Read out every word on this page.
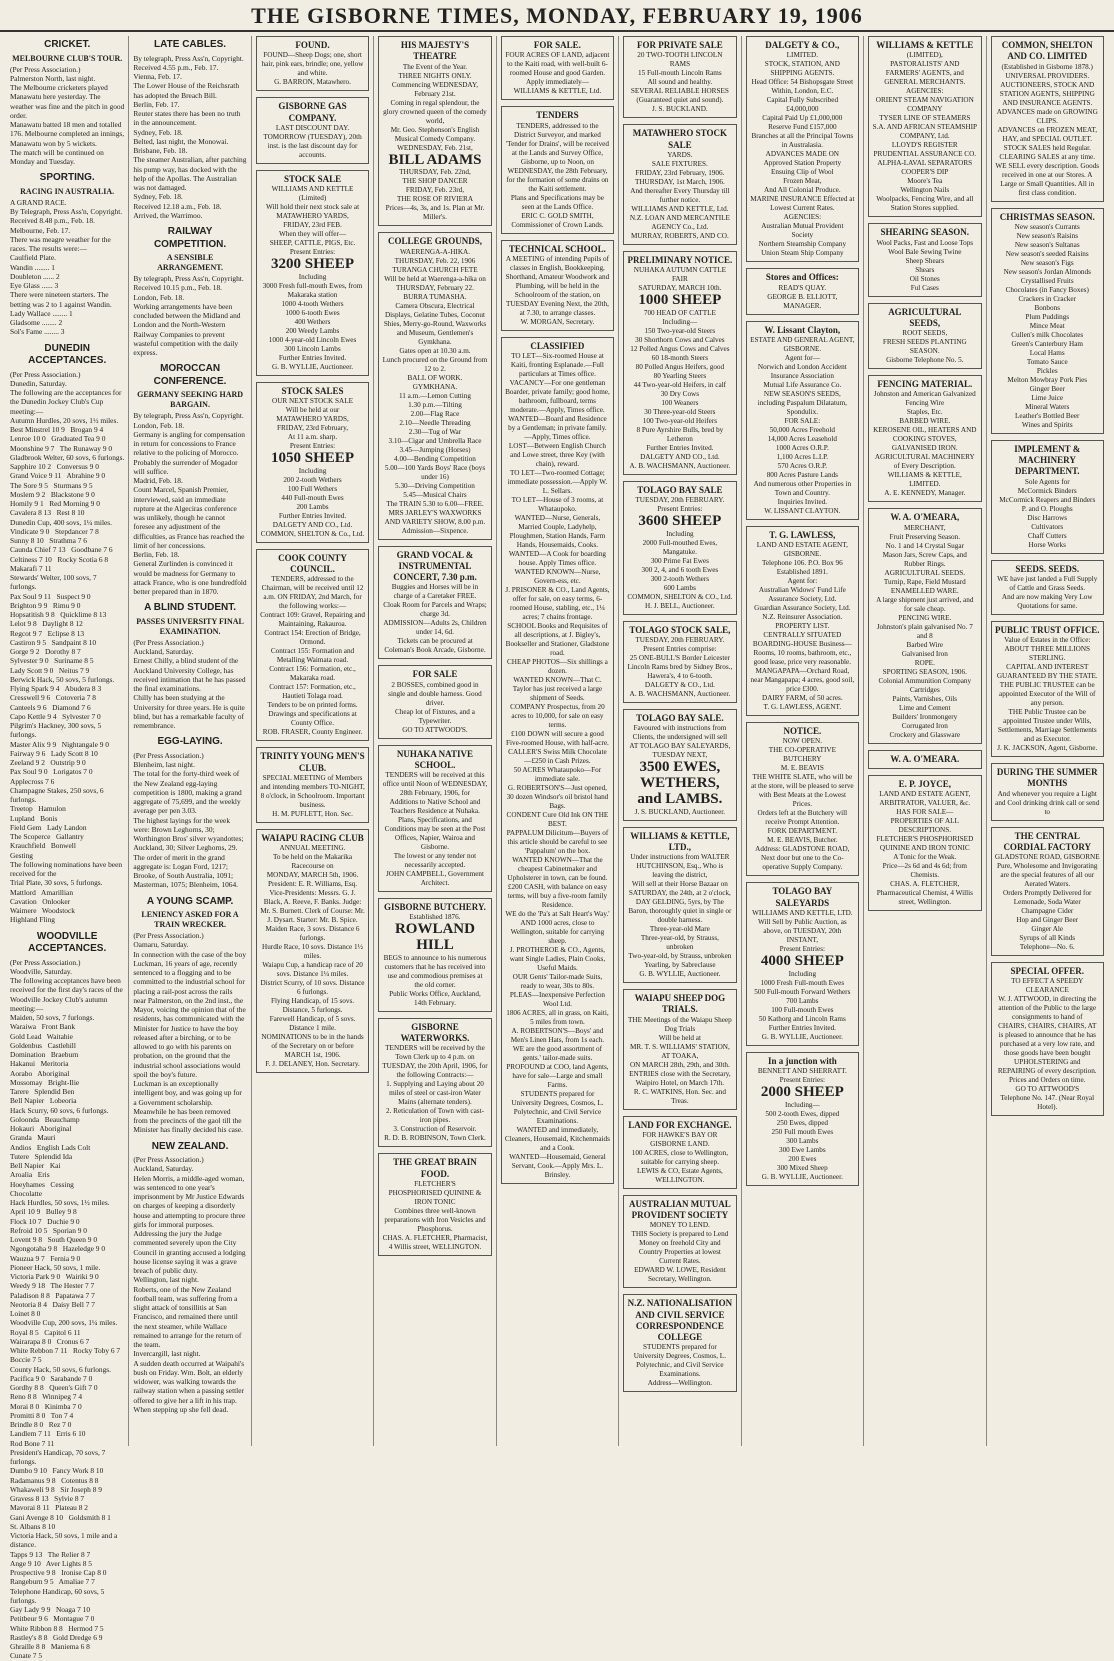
THE GISBORNE TIMES, MONDAY, FEBRUARY 19, 1906
CRICKET.
MELBOURNE CLUB'S TOUR.
(Per Press Association.)
Palmerston North, last night.
The Melbourne cricketers played Manawatu here yesterday. The weather was fine and the pitch in good order.
Manawatu batted 18 men and totalled 176. Melbourne completed an innings, Manawatu won by 5 wickets.
The match will be continued on Monday and Tuesday.
SPORTING.
RACING IN AUSTRALIA.
A GRAND RACE.
By Telegraph, Press Ass'n, Copyright.
Received 8.48 p.m., Feb. 18.
Melbourne, Feb. 17.
There was meagre weather for the races. The results were:—
Caulfield Plate.
Wandin ........ 1
Doubleton ...... 2
Eye Glass ...... 3
There were nineteen starters. The betting was 2 to 1 against Wandin.
Lady Wallace ........ 1
Gladsome ........ 2
Sol's Fame ........ 3
DUNEDIN ACCEPTANCES.
(Per Press Association.)
Dunedin, Saturday.
The following are the acceptances for the Dunedin Jockey Club's Cup meeting:—
Autumn Hurdles, 20 sovs, 1½ miles.
Best Minstrel 10 9   Brogan 9 4
Lenroe 10 0   Graduated Tea 9 0
Moonshine 9 7   The Runaway 9 0
Gladbrook Welter, 60 sovs, 6 furlongs.
Sapphire 10 2   Conversus 9 0
Grand Voice 9 11   Abrahine 9 0
The Sore 9 5   Sturmans 9 5
Moslem 9 2   Blackstone 9 0
Homily 9 1   Red Morning 9 0
Cavalera 8 13   Rest 8 10
Dunedin Cup, 400 sovs, 1¼ miles.
Vindicate 9 0   Stepdancer 7 8
Sunny 8 10   Strathma 7 6
Caunda Chief 7 13   Goodbane 7 6
Celtiness 7 10   Rocky Scotia 6 8
Makarafi 7 11
Stewards' Welter, 100 sovs, 7 furlongs.
Pax Soul 9 11   Suspect 9 0
Brighton 9 9   Rimu 9 0
Hopsatitish 9 8   Quicklime 8 13
Lelot 9 8   Daylight 8 12
Regcot 9 7   Eclipse 8 13
Castiron 9 5   Sandpaint 8 10
Gorge 9 2   Dorothy 8 7
Sylvester 9 0   Suriname 8 5
Lady Scott 9 0   Neitus 7 9
Berwick Hack, 50 sovs, 5 furlongs.
Flying Spark 9 4   Abudera 8 3
Cresswell 9 6   Cotoveria 7 8
Canteels 9 6   Diamond 7 6
Capo Kettle 9 4   Sylvester 7 0
Pilgrim's Hackney, 300 sovs, 5 furlongs.
Master Alix 9 9   Nightangale 9 0
Fairway 9 6   Lady Scott 8 10
Zeeland 9 2   Outstrip 9 0
Pax Soul 9 0   Lorigatos 7 0
Applecross 7 6
Champagne Stakes, 250 sovs, 6 furlongs.
Treetop   Hamulon
Lupland   Bonis
Field Gem   Lady Landon
The Scoperce   Gallantry
Krauchfield   Bonwell
Gesting
The following nominations have been received for the
Trial Plate, 30 sovs, 5 furlongs.
Mattlord   Amarillian
Cavation   Onlooker
Waimere   Woodstock
Highland Fling
WOODVILLE ACCEPTANCES.
(Per Press Association.)
Woodville, Saturday.
The following acceptances have been received for the first day's races of the Woodville Jockey Club's autumn meeting:—
Maiden, 50 sovs, 7 furlongs.
Waraiwa   Front Bank
Gold Lead   Waitahie
Goldenbus   Castlehill
Domination   Braeburn
Hakanui   Meritoria
Aorabo   Aboriginal
Mossomay   Bright-Ilie
Tarere   Splendid Ben
Bell Napier   Lobeoria
Hack Scurry, 60 sovs, 6 furlongs.
Goloonda   Beauchamp
Hokauri   Aboriginal
Granda   Mauri
Andios   English Lads Colt
Tutere   Splendid Ida
Bell Napier   Kai
Aroalia   Eris
Hoeyhames   Cessing
Chocolatte
Hack Hurdles, 50 sovs, 1½ miles.
April 10 9   Bulley 9 8
Flock 10 7   Duchie 9 0
Refroid 10 5   Sporian 9 0
Lovent 9 8   South Queen 9 0
Ngongotaha 9 8   Hazeledge 9 0
Wauzua 9 7   Fernia 9 0
Pioneer Hack, 50 sovs, 1 mile.
Victoria Park 9 0   Wairiki 9 0
Weedy 9 18   The Hester 7 7
Paladison 8 8   Papatawa 7 7
Neotoria 8 4   Daisy Bell 7 7
Loinet 8 0
Woodville Cup, 200 sovs, 1¼ miles.
Royal 8 5   Capitol 6 11
Wairarapa 8 0   Cronus 6 7
White Rebbon 7 11   Rocky Toby 6 7
Boccie 7 5
County Hack, 50 sovs, 6 furlongs.
Pacifica 9 0   Sarabande 7 0
Gordhy 8 8   Queen's Gift 7 0
Reno 8 8   Winnipeg 7 4
Morai 8 0   Kinimba 7 0
Promitti 8 0   Ton 7 4
Brindle 8 0   Rez 7 0
Landlem 7 11   Erris 6 10
Rod Bone 7 11
President's Handicap, 70 sovs, 7 furlongs.
Dumbo 9 10   Fancy Work 8 10
Radamanus 9 8   Cotentus 8 8
Whakaweli 9 8   Sir Joseph 8 9
Gravess 8 13   Sylvie 8 7
Mavorai 8 11   Plateau 8 2
Gani Avenge 8 10   Goldsmith 8 1
St. Albans 8 10
Victoria Hack, 50 sovs, 1 mile and a distance.
Tapps 9 13   The Relier 8 7
Ange 9 10   Aver Lights 8 5
Prospective 9 8   Ironise Cap 8 0
Rangeburn 9 5   Amaliae 7 7
Telephone Handicap, 60 sovs, 5 furlongs.
Gay Lady 9 9   Noaga 7 10
Petitbeur 9 6   Montague 7 0
White Ribbon 8 8   Hermod 7 5
Rastley's 8 8   Gold Dredge 6 9
Ghraille 8 8   Maniema 6 8
Cunate 7 5
LATE CABLES.
By telegraph, Press Ass'n, Copyright.
Received 4.55 p.m., Feb. 17.
Vienna, Feb. 17.
The Lower House of the Reichsrath has adopted the Breach Bill.
Berlin, Feb. 17.
Reuter states there has been no truth in the announcement.
Sydney, Feb. 18.
Belted, last night, the Monowai.
Brisbane, Feb. 18.
The steamer Australian, after patching his pump way, has docked with the help of the Apollas. The Australian was not damaged.
Sydney, Feb. 18.
Received 12.18 a.m., Feb. 18.
Arrived, the Warrimoo.
RAILWAY COMPETITION.
A SENSIBLE ARRANGEMENT.
By telegraph, Press Ass'n, Copyright.
Received 10.15 p.m., Feb. 18.
London, Feb. 18.
Working arrangements have been concluded between the Midland and London and the North-Western Railway Companies to prevent wasteful competition with the daily express.
MOROCCAN CONFERENCE.
GERMANY SEEKING HARD BARGAIN.
By telegraph, Press Ass'n, Copyright.
London, Feb. 18.
Germany is angling for compensation in return for concessions to France relative to the policing of Morocco. Probably the surrender of Mogador will suffice.
Madrid, Feb. 18.
Count Marcel, Spanish Premier, interviewed, said an immediate rupture at the Algeciras conference was unlikely, though he cannot foresee any adjustment of the difficulties, as France has reached the limit of her concessions.
Berlin, Feb. 18.
General Zurlinden is convinced it would be madness for Germany to attack France, who is one hundredfold better prepared than in 1870.
A BLIND STUDENT.
PASSES UNIVERSITY FINAL EXAMINATION.
(Per Press Association.)
Auckland, Saturday.
Ernest Chilly, a blind student of the Auckland University College, has received intimation that he has passed the final examinations.
Chilly has been studying at the University for three years. He is quite blind, but has a remarkable faculty of remembrance.
EGG-LAYING.
(Per Press Association.)
Blenheim, last night.
The total for the forty-third week of the New Zealand egg-laying competition is 1800, making a grand aggregate of 75,699, and the weekly average per pen 3.03.
The highest layings for the week were: Brown Leghorns, 30; Worthington Bros' silver wyandottes; Auckland, 30; Silver Leghorns, 29.
The order of merit in the grand aggregate is: Logan Ford, 1217; Brooke, of South Australia, 1091; Masterman, 1075; Blenheim, 1064.
A YOUNG SCAMP.
LENIENCY ASKED FOR A TRAIN WRECKER.
(Per Press Association.)
Oamaru, Saturday.
In connection with the case of the boy Luckman, 16 years of age, recently sentenced to a flogging and to be committed to the industrial school for placing a rail-post across the rails near Palmerston, on the 2nd inst., the Mayor, voicing the opinion that of the residents, has communicated with the Minister for Justice to have the boy released after a birching, or to be allowed to go with his parents on probation, on the ground that the industrial school associations would spoil the boy's future.
Luckman is an exceptionally intelligent boy, and was going up for a Government scholarship.
Meanwhile he has been removed from the precincts of the gaol till the Minister has finally decided his case.
NEW ZEALAND.
(Per Press Association.)
Auckland, Saturday.
Helen Morris, a middle-aged woman, was sentenced to one year's imprisonment by Mr Justice Edwards on charges of keeping a disorderly house and attempting to procure three girls for immoral purposes.
Addressing the jury the Judge commented severely upon the City Council in granting accused a lodging house license saying it was a grave breach of public duty.
Wellington, last night.
Roberts, one of the New Zealand football team, was suffering from a slight attack of tonsillitis at San Francisco, and remained there until the next steamer, while Wallace remained to arrange for the return of the team.
Invercargill, last night.
A sudden death occurred at Waipahi's bush on Friday. Wm. Bolt, an elderly widower, was walking towards the railway station when a passing settler offered to give her a lift in his trap.
When stepping up she fell dead.
FOUND.
FOUND—Sheep Dogs; one, short hair, pink ears, brindle; one, yellow and white.
G. BARRON, Matawhero.
GISBORNE GAS COMPANY.
LAST DISCOUNT DAY.
TOMORROW (TUESDAY), 20th inst. is the last discount day for accounts.
STOCK SALE
WILLIAMS AND KETTLE (Limited)
Will hold their next stock sale at
MATAWHERO YARDS,
FRIDAY, 23rd FEB.
When they will offer—
SHEEP, CATTLE, PIGS, Etc.
Present Entries:
3200 SHEEP
Including
3000 Fresh full-mouth Ewes, from Makaraka station
1000 4-tooth Wethers
1000 6-tooth Ewes
400 Wethers
200 Weedy Lambs
1000 4-year-old Lincoln Ewes
300 Lincoln Lambs
Further Entries Invited.
G. B. WYLLIE, Auctioneer.
STOCK SALES
OUR NEXT STOCK SALE
Will be held at our
MATAWHERO YARDS,
FRIDAY, 23rd February,
At 11 a.m. sharp.
Present Entries:
1050 SHEEP
Including
200 2-tooth Wethers
100 Full Wethers
440 Full-mouth Ewes
200 Lambs
Further Entries Invited.
DALGETY AND CO., Ltd.
COMMON, SHELTON & Co., Ltd.
COOK COUNTY COUNCIL.
TENDERS, addressed to the Chairman, will be received until 12 a.m. ON FRIDAY, 2nd March, for the following works:—
Contract 109: Gravel, Repairing and Maintaining, Rakauroa.
Contract 154: Erection of Bridge, Ormond.
Contract 155: Formation and Metalling Waimata road.
Contract 156: Formation, etc., Makaraka road.
Contract 157: Formation, etc., Hautieti Tolaga road.
Tenders to be on printed forms.
Drawings and specifications at County Office.
ROB. FRASER, County Engineer.
TRINITY YOUNG MEN'S CLUB.
SPECIAL MEETING of Members and intending members TO-NIGHT, 8 o'clock, in Schoolroom. Important business.
H. M. PUFLETT, Hon. Sec.
WAIAPU RACING CLUB
ANNUAL MEETING.
To be held on the Makarika Racecourse on
MONDAY, MARCH 5th, 1906.
President: E. R. Williams, Esq. Vice-Presidents: Messrs. G. J. Black, A. Reeve, F. Banks. Judge: Mr. S. Burnett. Clerk of Course: Mr. J. Dysart. Starter: Mr. B. Spice.
Maiden Race, 3 sovs. Distance 6 furlongs.
Hurdle Race, 10 sovs. Distance 1½ miles.
Waiapu Cup, a handicap race of 20 sovs. Distance 1¼ miles.
District Scurry, of 10 sovs. Distance 6 furlongs.
Flying Handicap, of 15 sovs. Distance, 5 furlongs.
Farewell Handicap, of 5 sovs. Distance 1 mile.
NOMINATIONS to be in the hands of the Secretary on or before MARCH 1st, 1906.
F. J. DELANEY, Hon. Secretary.
HIS MAJESTY'S THEATRE
The Event of the Year.
THREE NIGHTS ONLY.
Commencing WEDNESDAY, February 21st.
Coming in regal splendour, the glory crowned queen of the comedy world,
Mr. Geo. Stephenson's English Musical Comedy Company.
WEDNESDAY, Feb. 21st,
BILL ADAMS
THURSDAY, Feb. 22nd,
THE SHOP DANCER
FRIDAY, Feb. 23rd,
THE ROSE OF RIVIERA
Prices—4s, 3s, and 1s. Plan at Mr. Miller's.
COLLEGE GROUNDS,
WAERENGA-A-HIKA.
THURSDAY, Feb. 22, 1906
TURANGA CHURCH FETE
Will be held at Waerenga-a-hika on THURSDAY, February 22.
BURRA TUMASHA.
Camera Obscura, Electrical Displays, Gelatine Tubes, Coconut Shies, Merry-go-Round, Waxworks and Museum, Gentlemen's Gymkhana.
Gates open at 10.30 a.m.
Lunch procured on the Ground from 12 to 2.
BALL OF WORK.
GYMKHANA.
11 a.m.—Lemon Cutting
1.30 p.m.—Tilting
2.00—Flag Race
2.10—Needle Threading
2.30—Tug of War
3.10—Cigar and Umbrella Race
3.45—Jumping (Horses)
4.00—Bending Competition
5.00—100 Yards Boys' Race (boys under 16)
5.30—Driving Competition
5.45—Musical Chairs
The TRAIN 5.30 to 6.00—FREE.
MRS JARLEY'S WAXWORKS AND VARIETY SHOW, 8.00 p.m.
Admission—Sixpence.
GRAND VOCAL & INSTRUMENTAL CONCERT, 7.30 p.m.
Buggies and Horses will be in charge of a Caretaker FREE.
Cloak Room for Parcels and Wraps; charge 3d.
ADMISSION—Adults 2s, Children under 14, 6d.
Tickets can be procured at Coleman's Book Arcade, Gisborne.
FOR SALE
2 BOSSES, combined good in single and double harness. Good driver.
Cheap lot of Fixtures, and a Typewriter.
GO TO ATTWOOD'S.
NUHAKA NATIVE SCHOOL.
TENDERS will be received at this office until Noon of WEDNESDAY, 28th February, 1906, for
Additions to Native School and Teachers Residence at Nuhaka.
Plans, Specifications, and Conditions may be seen at the Post Offices, Napier, Wairoa and Gisborne.
The lowest or any tender not necessarily accepted.
JOHN CAMPBELL, Government Architect.
GISBORNE BUTCHERY.
Established 1876.
ROWLAND HILL
BEGS to announce to his numerous customers that he has received into use and commodious premises at the old corner.
Public Works Office, Auckland, 14th February.
GISBORNE WATERWORKS.
TENDERS will be received by the Town Clerk up to 4 p.m. on TUESDAY, the 20th April, 1906, for the following Contracts:—
1. Supplying and Laying about 20 miles of steel or cast-iron Water Mains (alternate tenders).
2. Reticulation of Town with cast-iron pipes.
3. Construction of Reservoir.
R. D. B. ROBINSON, Town Clerk.
THE GREAT BRAIN FOOD.
FLETCHER'S
PHOSPHORISED QUININE & IRON TONIC
Combines three well-known preparations with Iron Vesicles and Phosphorus.
CHAS. A. FLETCHER, Pharmacist, 4 Willis street, WELLINGTON.
FOR SALE.
FOUR ACRES OF LAND, adjacent to the Kaiti road, with well-built 6-roomed House and good Garden.
Apply immediately—
WILLIAMS & KETTLE, Ltd.
TENDERS
TENDERS, addressed to the District Surveyor, and marked 'Tender for Drains', will be received at the Lands and Survey Office, Gisborne, up to Noon, on WEDNESDAY, the 28th February, for the formation of some drains on the Kaiti settlement.
Plans and Specifications may be seen at the Lands Office.
ERIC C. GOLD SMITH, Commissioner of Crown Lands.
TECHNICAL SCHOOL.
A MEETING of intending Pupils of classes in English, Bookkeeping, Shorthand, Amateur Woodwork and Plumbing, will be held in the Schoolroom of the station, on TUESDAY Evening Next, the 20th, at 7.30, to arrange classes.
W. MORGAN, Secretary.
CLASSIFIED
TO LET—Six-roomed House at Kaiti, fronting Esplanade.—Full particulars at Times office.
VACANCY—For one gentleman Boarder, private family; good home, bathroom, fullboard, terms moderate.—Apply, Times office.
WANTED—Board and Residence by a Gentleman; in private family.—Apply, Times office.
LOST—Between English Church and Lowe street, three Key (with chain), reward.
TO LET—Two-roomed Cottage; immediate possession.—Apply W. L. Sellars.
TO LET—House of 3 rooms, at Whataupoko.
WANTED—Nurse, Generals, Married Couple, Ladyhelp, Ploughmen, Station Hands, Farm Hands, Housemaids, Cooks.
WANTED—A Cook for boarding house. Apply Times office.
WANTED KNOWN—Nurse, Govern-ess, etc.
J. PRISONER & CO., Land Agents, offer for sale, on easy terms, 6-roomed House, stabling, etc., 1¼ acres; 7 chains frontage.
SCHOOL Books and Requisites of all descriptions, at J. Bigley's, Bookseller and Stationer, Gladstone road.
CHEAP PHOTOS—Six shillings a dozen.
WANTED KNOWN—That C. Taylor has just received a large shipment of Seeds.
COMPANY Prospectus, from 20 acres to 10,000, for sale on easy terms.
£100 DOWN will secure a good Five-roomed House, with half-acre.
CALLER'S Swiss Milk Chocolate—£250 in Cash Prizes.
50 ACRES Whataupoko—For immediate sale.
G. ROBERTSON'S—Just opened, 30 dozen Windsor's oil bristol hand Bags.
CONDENT Cure Old Ink ON THE BEST.
PAPPALUM Dilicitum—Buyers of this article should be careful to see 'Pappalum' on the box.
WANTED KNOWN—That the cheapest Cabinetmaker and Upholsterer in town, can be found.
£200 CASH, with balance on easy terms, will buy a five-room family Residence.
WE do the 'Pa's at Salt Heart's Way.'
AND 1000 acres, close to Wellington, suitable for carrying sheep.
J. PROTHEROE & CO., Agents, want Single Ladies, Plain Cooks, Useful Maids.
OUR Gents' Tailor-made Suits, ready to wear, 30s to 80s.
PLEAS—Inexpensive Perfection Wool Ltd.
1806 ACRES, all in grass, on Kaiti, 5 miles from town.
A. ROBERTSON'S—Boys' and Men's Linen Hats, from 1s each.
WE are the good assortment of gents.' tailor-made suits.
PROFOUND at COO, land Agents, have for sale—Large and small Farms.
STUDENTS prepared for University Degrees, Cosmos, L. Polytechnic, and Civil Service Examinations.
WANTED and immediately, Cleaners, Housemaid, Kitchenmaids and a Cook.
WANTED—Housemaid, General Servant, Cook.—Apply Mrs. L. Brinsley.
FOR PRIVATE SALE
20 TWO-TOOTH LINCOLN RAMS
15 Full-mouth Lincoln Rams
All sound and healthy.
SEVERAL RELIABLE HORSES
(Guaranteed quiet and sound).
J. S. BUCKLAND.
MATAWHERO STOCK SALE
YARDS.
SALE FIXTURES.
FRIDAY, 23rd February, 1906.
THURSDAY, 1st March, 1906.
And thereafter Every Thursday till further notice.
WILLIAMS AND KETTLE, Ltd.
N.Z. LOAN AND MERCANTILE AGENCY Co., Ltd.
MURRAY, ROBERTS, AND CO.
PRELIMINARY NOTICE.
NUHAKA AUTUMN CATTLE FAIR
SATURDAY, MARCH 10th.
1000 SHEEP
700 HEAD OF CATTLE
Including—
150 Two-year-old Steers
30 Shorthorn Cows and Calves
12 Polled Angus Cows and Calves
60 18-month Steers
80 Polled Angus Heifers, good
80 Yearling Steers
44 Two-year-old Heifers, in calf
30 Dry Cows
100 Weaners
30 Three-year-old Steers
100 Two-year-old Heifers
8 Pure Ayrshire Bulls, bred by Letheron
Further Entries Invited.
DALGETY AND CO., Ltd.
A. B. WACHSMANN, Auctioneer.
TOLAGO BAY SALE
TUESDAY, 20th FEBRUARY.
Present Entries:
3600 SHEEP
Including
2000 Full-mouthed Ewes, Mangatuke.
300 Prime Fat Ewes
300 2, 4, and 6 tooth Ewes
300 2-tooth Wethers
600 Lambs
COMMON, SHELTON & CO., Ltd.
H. J. BELL, Auctioneer.
TOLAGO STOCK SALE,
TUESDAY, 20th FEBRUARY.
Present Entries comprise:
25 ONE-BULL'S Border Leicester Lincoln Rams bred by Sidney Bros., Hawera's, 4 to 6-tooth.
DALGETY & CO., Ltd.
A. B. WACHSMANN, Auctioneer.
TOLAGO BAY SALE.
Favoured with instructions from Clients, the undersigned will sell
AT TOLAGO BAY SALEYARDS,
TUESDAY NEXT,
3500 EWES, WETHERS, and LAMBS.
J. S. BUCKLAND, Auctioneer.
WILLIAMS & KETTLE, LTD.,
Under instructions from WALTER HUTCHINSON, Esq., Who is leaving the district,
Will sell at their Horse Bazaar on SATURDAY, the 24th, at 2 o'clock,
DAY GELDING, 5yrs, by The Baron, thoroughly quiet in single or double harness.
Three-year-old Mare
Three-year-old, by Strauss, unbroken
Two-year-old, by Strauss, unbroken
Yearling, by Sabreclause
G. B. WYLLIE, Auctioneer.
WAIAPU SHEEP DOG TRIALS.
THE Meetings of the Waiapu Sheep Dog Trials
Will be held at
MR. T. S. WILLIAMS' STATION,
AT TOAKA,
ON MARCH 28th, 29th, and 30th.
ENTRIES close with the Secretary, Waipiro Hotel, on March 17th.
R. C. WATKINS, Hon. Sec. and Treas.
LAND FOR EXCHANGE.
FOR HAWKE'S BAY OR GISBORNE LAND.
100 ACRES, close to Wellington, suitable for carrying sheep.
LEWIS & CO, Estate Agents, WELLINGTON.
AUSTRALIAN MUTUAL PROVIDENT SOCIETY
MONEY TO LEND.
THIS Society is prepared to Lend Money on freehold City and Country Properties at lowest Current Rates.
EDWARD W. LOWE, Resident Secretary, Wellington.
N.Z. NATIONALISATION AND CIVIL SERVICE CORRESPONDENCE COLLEGE
STUDENTS prepared for University Degrees, Cosmos, L. Polytechnic, and Civil Service Examinations.
Address—Wellington.
DALGETY & CO.,
LIMITED.
STOCK, STATION, AND SHIPPING AGENTS.
Head Office: 54 Bishopsgate Street Within, London, E.C.
Capital Fully Subscribed £4,000,000
Capital Paid Up £1,000,000
Reserve Fund £157,000
Branches at all the Principal Towns in Australasia.
ADVANCES MADE ON
Approved Station Property
Ensuing Clip of Wool
Frozen Meat,
And All Colonial Produce.
MARINE INSURANCE Effected at Lowest Current Rates.
AGENCIES:
Australian Mutual Provident Society
Northern Steamship Company
Union Steam Ship Company
Stores and Offices:
READ'S QUAY.
GEORGE B. ELLIOTT, MANAGER.
W. Lissant Clayton,
ESTATE AND GENERAL AGENT, GISBORNE.
Agent for—
Norwich and London Accident Insurance Association
Mutual Life Assurance Co.
NEW SEASON'S SEEDS, including Paspalum Dilatatum, Spondulix.
FOR SALE:
50,000 Acres Freehold
14,000 Acres Leasehold
1000 Acres O.R.P.
1,100 Acres L.I.P.
570 Acres O.R.P.
800 Acres Pasture Lands
And numerous other Properties in Town and Country.
Inquiries Invited.
W. LISSANT CLAYTON.
T. G. LAWLESS,
LAND AND ESTATE AGENT, GISBORNE.
Telephone 106. P.O. Box 96
Established 1891.
Agent for:
Australian Widows' Fund Life Assurance Society, Ltd.
Guardian Assurance Society, Ltd.
N.Z. Reinsurer Association.
PROPERTY LIST.
CENTRALLY SITUATED BOARDING-HOUSE Business—Rooms, 10 rooms, bathroom, etc., good lease, price very reasonable.
MANGAPAPA—Orchard Road, near Mangapapa; 4 acres, good soil, price £300.
DAIRY FARM, of 50 acres.
T. G. LAWLESS, AGENT.
NOTICE.
NOW OPEN.
THE CO-OPERATIVE BUTCHERY
M. E. BEAVIS
THE WHITE SLATE, who will be at the store, will be pleased to serve with Best Meats at the Lowest Prices.
Orders left at the Butchery will receive Prompt Attention.
FORK DEPARTMENT.
M. E. BEAVIS, Butcher.
Address: GLADSTONE ROAD, Next door but one to the Co-operative Supply Company.
TOLAGO BAY SALEYARDS
WILLIAMS AND KETTLE, LTD.
Will Sell by Public Auction, as above, on TUESDAY, 20th INSTANT,
Present Entries:
4000 SHEEP
Including
1000 Fresh Full-mouth Ewes
500 Full-mouth Forward Wethers
700 Lambs
100 Full-mouth Ewes
50 Kathorg and Lincoln Rams
Further Entries Invited.
G. B. WYLLIE, Auctioneer.
In a junction with
BENNETT AND SHERRATT.
Present Entries:
2000 SHEEP
Including—
500 2-tooth Ewes, dipped
250 Ewes, dipped
250 Full mouth Ewes
300 Lambs
300 Ewe Lambs
200 Ewes
300 Mixed Sheep
G. B. WYLLIE, Auctioneer.
WILLIAMS & KETTLE
(LIMITED),
PASTORALISTS' AND FARMERS' AGENTS, and GENERAL MERCHANTS.
AGENCIES:
ORIENT STEAM NAVIGATION COMPANY
TYSER LINE OF STEAMERS
S.A. AND AFRICAN STEAMSHIP COMPANY, Ltd.
LLOYD'S REGISTER
PRUDENTIAL ASSURANCE CO.
ALPHA-LAVAL SEPARATORS
COOPER'S DIP
Moore's Tea
Wellington Nails
Woolpacks, Fencing Wire, and all Station Stores supplied.
SHEARING SEASON.
Wool Packs, Fast and Loose Tops
Wool Bale Sewing Twine
Sheep Shears
Shears
Oil Stones
Ful Cases
AGRICULTURAL SEEDS,
ROOT SEEDS,
FRESH SEEDS PLANTING SEASON.
Gisborne Telephone No. 5.
FENCING MATERIAL.
Johnston and American Galvanized Fencing Wire
Staples, Etc.
BARBED WIRE.
KEROSENE OIL, HEATERS AND COOKING STOVES, GALVANISED IRON.
AGRICULTURAL MACHINERY of Every Description.
WILLIAMS & KETTLE, LIMITED.
A. E. KENNEDY, Manager.
W. A. O'MEARA,
MERCHANT,
Fruit Preserving Season.
No. 1 and 14 Crystal Sugar
Mason Jars, Screw Caps, and Rubber Rings.
AGRICULTURAL SEEDS.
Turnip, Rape, Field Mustard
ENAMELLED WARE.
A large shipment just arrived, and for sale cheap.
PENCING WIRE.
Johnston's plain galvanised No. 7 and 8
Barbed Wire
Galvanised Iron
ROPE.
SPORTING SEASON, 1906.
Colonial Ammunition Company Cartridges
Paints, Varnishes, Oils
Lime and Cement
Builders' Ironmongery
Corrugated Iron
Crockery and Glassware
W. A. O'MEARA.
E. P. JOYCE,
LAND AND ESTATE AGENT, ARBITRATOR, VALUER, &c.
HAS FOR SALE—
PROPERTIES OF ALL DESCRIPTIONS.
FLETCHER'S PHOSPHORISED QUININE AND IRON TONIC
A Tonic for the Weak.
Price—2s 6d and 4s 6d; from Chemists.
CHAS. A. FLETCHER, Pharmaceutical Chemist, 4 Willis street, Wellington.
COMMON, SHELTON AND CO. LIMITED
(Established in Gisborne 1878.)
UNIVERSAL PROVIDERS.
AUCTIONEERS, STOCK AND STATION AGENTS, SHIPPING AND INSURANCE AGENTS.
ADVANCES made on GROWING CLIPS.
ADVANCES on FROZEN MEAT, HAY, and SPECIAL OUTLET.
STOCK SALES held Regular.
CLEARING SALES at any time.
WE SELL every description. Goods received in one at our Stores. A Large or Small Quantities. All in first class condition.
CHRISTMAS SEASON.
New season's Currants
New season's Raisins
New season's Sultanas
New season's seeded Raisins
New season's Figs
New season's Jordan Almonds
Crystallised Fruits
Chocolates (in Fancy Boxes)
Crackers in Cracker
Bonbons
Plum Puddings
Mince Meat
Cullen's milk Chocolates
Green's Canterbury Ham
Local Hams
Tomato Sauce
Pickles
Melton Mowbray Pork Pies
Ginger Beer
Lime Juice
Mineral Waters
Leather's Bottled Beer
Wines and Spirits
IMPLEMENT & MACHINERY DEPARTMENT.
Sole Agents for
McCormick Binders
McCormick Reapers and Binders
P. and O. Ploughs
Disc Harrows
Cultivators
Chaff Cutters
Horse Works
SEEDS. SEEDS.
WE have just landed a Full Supply of Cattle and Grass Seeds.
And are now making Very Low Quotations for same.
PUBLIC TRUST OFFICE.
Value of Estates in the Office:
ABOUT THREE MILLIONS STERLING.
CAPITAL AND INTEREST GUARANTEED BY THE STATE.
THE PUBLIC TRUSTEE can be appointed Executor of the Will of any person.
THE Public Trustee can be appointed Trustee under Wills, Settlements, Marriage Settlements and as Executor.
J. K. JACKSON, Agent, Gisborne.
DURING THE SUMMER MONTHS
And whenever you require a Light and Cool drinking drink call or send to
THE CENTRAL CORDIAL FACTORY
GLADSTONE ROAD, GISBORNE
Pure, Wholesome and Invigorating are the special features of all our Aerated Waters.
Orders Promptly Delivered for
Lemonade, Soda Water
Champagne Cider
Hop and Ginger Beer
Ginger Ale
Syrups of all Kinds
Telephone—No. 6.
SPECIAL OFFER.
TO EFFECT A SPEEDY CLEARANCE
W. J. ATTWOOD, in directing the attention of the Public to the large consignments to hand of
CHAIRS, CHAIRS, CHAIRS, AT
is pleased to announce that he has purchased at a very low rate, and those goods have been bought
UPHOLSTERING and REPAIRING of every description.
Prices and Orders on time.
GO TO ATTWOOD'S
Telephone No. 147. (Near Royal Hotel).
